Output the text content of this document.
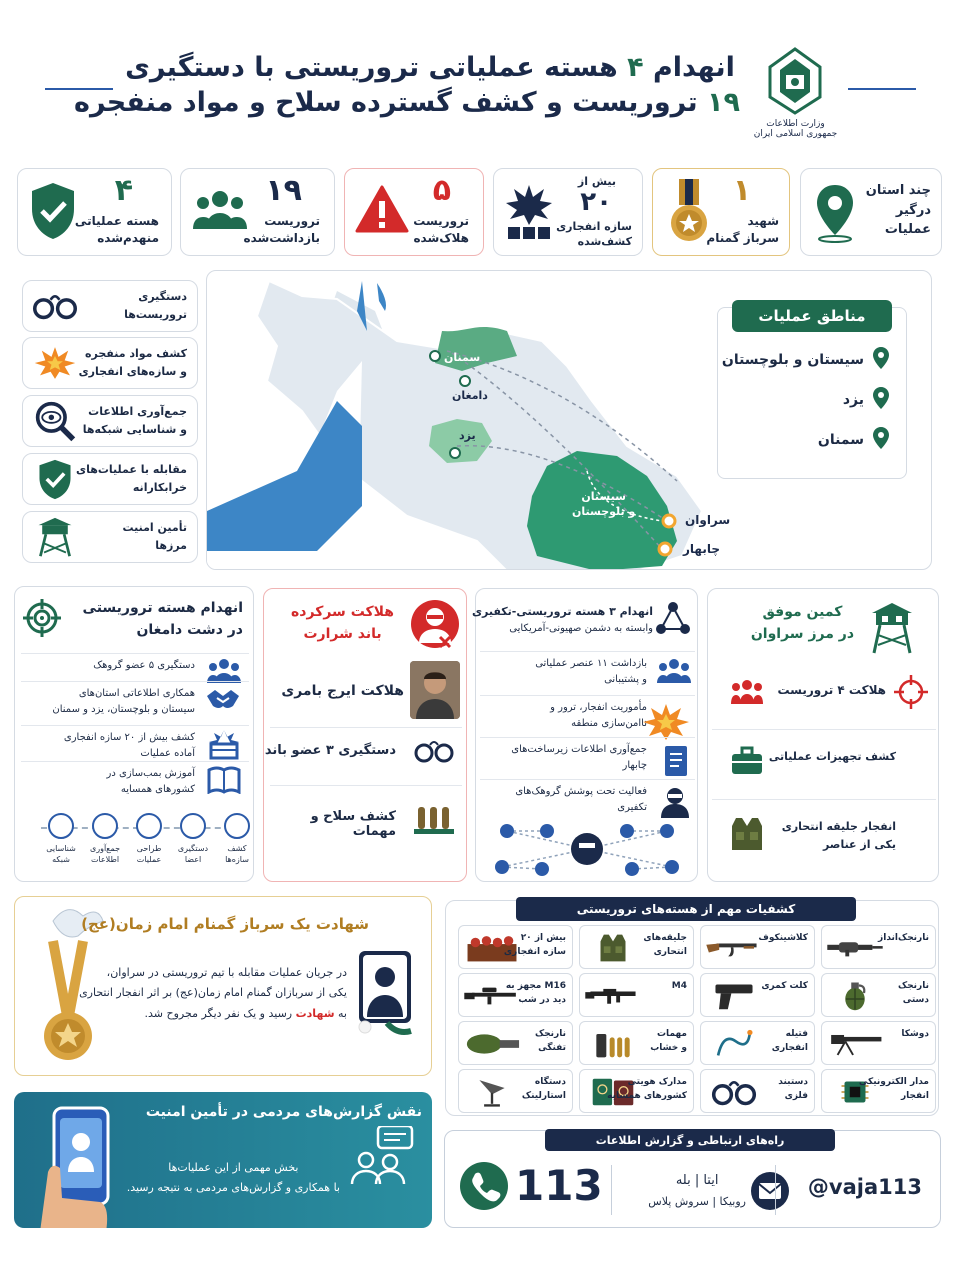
وزارت اطلاعات
جمهوری اسلامی ایران
انهدام ۴ هسته عملیاتی تروریستی با دستگیری
۱۹ تروریست و کشف گسترده سلاح و مواد منفجره
چند استان
درگیر
عملیات
۱
شهید
سرباز گمنام
بیش از
۲۰
سازه انفجاری
کشف‌شده
۵
تروریست
هلاک‌شده
۱۹
تروریست
بازداشت‌شده
۴
هسته عملیاتی
منهدم‌شده
دستگیری
تروریست‌ها
کشف مواد منفجره
و سازه‌های انفجاری
جمع‌آوری اطلاعات
و شناسایی شبکه‌ها
مقابله با عملیات‌های
خرابکارانه
تأمین امنیت
مرزها
سمنان
دامغان
یزد
سیستان
و بلوچستان
سراوان
چابهار
مناطق عملیات
سیستان و بلوچستان
یزد
سمنان
انهدام هسته تروریستی
در دشت دامغان
دستگیری ۵ عضو گروهک
همکاری اطلاعاتی استان‌های
سیستان و بلوچستان، یزد و سمنان
کشف بیش از ۲۰ سازه انفجاری
آماده عملیات
آموزش بمب‌سازی در
کشورهای همسایه
کشف
سازه‌ها
دستگیری
اعضا
طراحی
عملیات
جمع‌آوری
اطلاعات
شناسایی
شبکه
هلاکت سرکرده
باند شرارت
هلاکت ایرج بامری
دستگیری ۳ عضو باند
کشف سلاح و مهمات
انهدام ۳ هسته تروریستی-تکفیری
وابسته به دشمن صهیونی-آمریکایی
بازداشت ۱۱ عنصر عملیاتی
و پشتیبانی
مأموریت انفجار، ترور و
ناامن‌سازی منطقه
جمع‌آوری اطلاعات زیرساخت‌های
چابهار
فعالیت تحت پوشش گروهک‌های
تکفیری
کمین موفق
در مرز سراوان
هلاکت ۴ تروریست
کشف تجهیزات عملیاتی
انفجار جلیقه انتحاری
یکی از عناصر
شهادت یک سرباز گمنام امام زمان(عج)
در جریان عملیات مقابله با تیم تروریستی در سراوان،
یکی از سربازان گمنام امام زمان(عج) بر اثر انفجار انتحاری
به شهادت رسید و یک نفر دیگر مجروح شد.
کشفیات مهم از هسته‌های تروریستی
نارنجک‌انداز
کلاشینکوف
جلیقه‌های
انتحاری
بیش از ۲۰
سازه انفجاری
نارنجک
دستی
کلت کمری
M4
M16 مجهز به
دید در شب
دوشکا
فتیله
انفجاری
مهمات
و خشاب
نارنجک
تفنگی
مدار الکترونیکی
انفجار
دستبند
فلزی
مدارک هویتی
کشورهای همسایه
دستگاه
استارلینک
نقش گزارش‌های مردمی در تأمین امنیت
بخش مهمی از این عملیات‌ها
با همکاری و گزارش‌های مردمی به نتیجه رسید.
راه‌های ارتباطی و گزارش اطلاعات
@vaja113
ایتا | بله
روبیکا | سروش پلاس
113
